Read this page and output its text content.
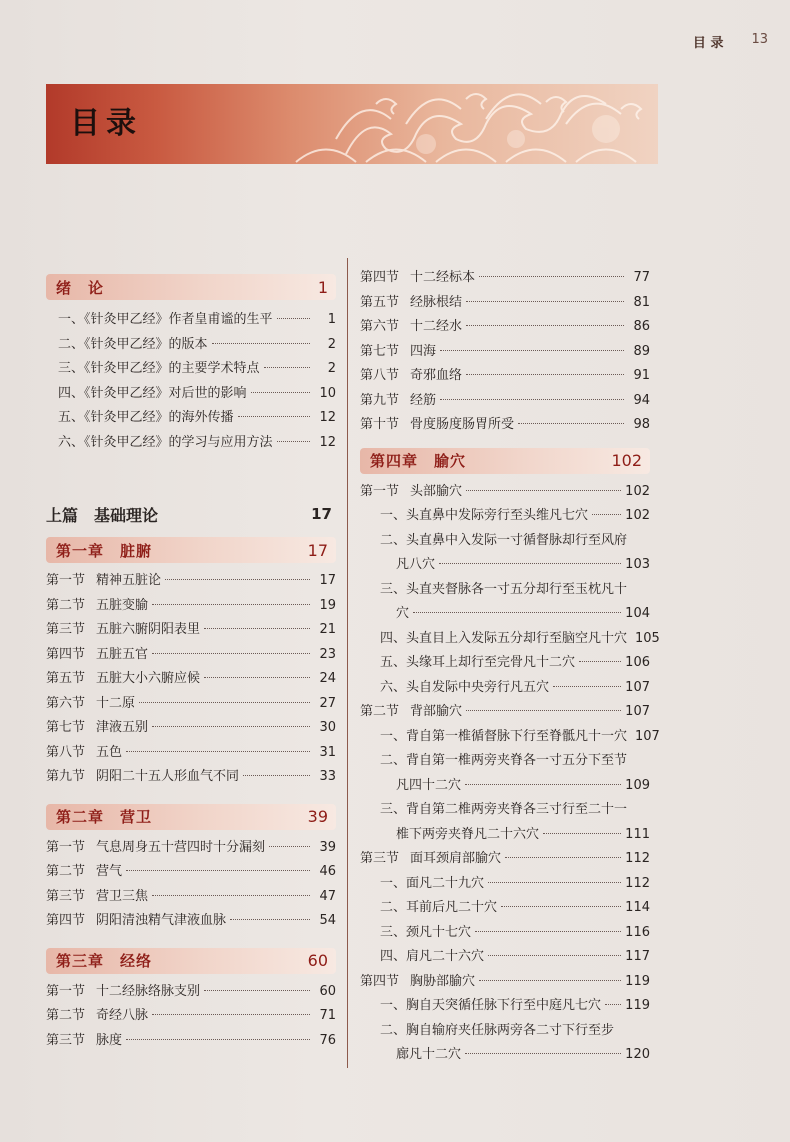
目 录 13
目录
绪　论	1
一、《针灸甲乙经》作者皇甫谧的生平	1
二、《针灸甲乙经》的版本	2
三、《针灸甲乙经》的主要学术特点	2
四、《针灸甲乙经》对后世的影响	10
五、《针灸甲乙经》的海外传播	12
六、《针灸甲乙经》的学习与应用方法	12
上篇　基础理论	17
第一章　脏腑	17
第一节 精神五脏论	17
第二节 五脏变腧	19
第三节 五脏六腑阴阳表里	21
第四节 五脏五官	23
第五节 五脏大小六腑应候	24
第六节 十二原	27
第七节 津液五别	30
第八节 五色	31
第九节 阴阳二十五人形血气不同	33
第二章　营卫	39
第一节 气息周身五十营四时十分漏刻	39
第二节 营气	46
第三节 营卫三焦	47
第四节 阴阳清浊精气津液血脉	54
第三章　经络	60
第一节 十二经脉络脉支别	60
第二节 奇经八脉	71
第三节 脉度	76
第四节 十二经标本	77
第五节 经脉根结	81
第六节 十二经水	86
第七节 四海	89
第八节 奇邪血络	91
第九节 经筋	94
第十节 骨度肠度肠胃所受	98
第四章　腧穴	102
第一节 头部腧穴	102
一、头直鼻中发际旁行至头维凡七穴	102
二、头直鼻中入发际一寸循督脉却行至风府
凡八穴	103
三、头直夹督脉各一寸五分却行至玉枕凡十
穴	104
四、头直目上入发际五分却行至脑空凡十穴 105
五、头缘耳上却行至完骨凡十二穴	106
六、头自发际中央旁行凡五穴	107
第二节 背部腧穴	107
一、背自第一椎循督脉下行至脊骶凡十一穴 107
二、背自第一椎两旁夹脊各一寸五分下至节
凡四十二穴	109
三、背自第二椎两旁夹脊各三寸行至二十一
椎下两旁夹脊凡二十六穴	111
第三节 面耳颈肩部腧穴	112
一、面凡二十九穴	112
二、耳前后凡二十穴	114
三、颈凡十七穴	116
四、肩凡二十六穴	117
第四节 胸胁部腧穴	119
一、胸自天突循任脉下行至中庭凡七穴 119
二、胸自输府夹任脉两旁各二寸下行至步
廊凡十二穴	120
